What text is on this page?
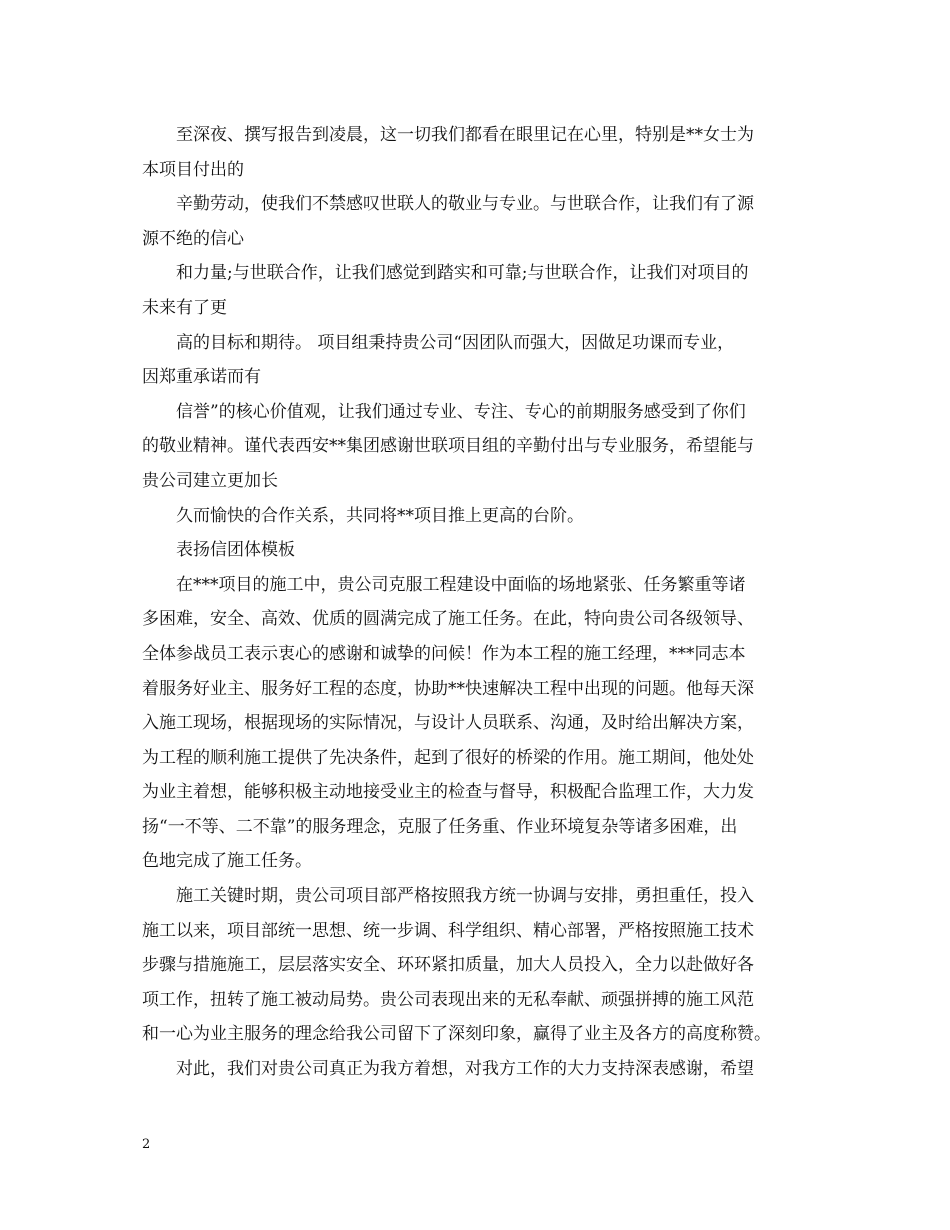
至深夜、撰写报告到凌晨，这一切我们都看在眼里记在心里，特别是**女士为
本项目付出的
辛勤劳动，使我们不禁感叹世联人的敬业与专业。与世联合作，让我们有了源
源不绝的信心
和力量;与世联合作，让我们感觉到踏实和可靠;与世联合作，让我们对项目的
未来有了更
高的目标和期待。 项目组秉持贵公司“因团队而强大，因做足功课而专业，
因郑重承诺而有
信誉”的核心价值观，让我们通过专业、专注、专心的前期服务感受到了你们
的敬业精神。谨代表西安**集团感谢世联项目组的辛勤付出与专业服务，希望能与
贵公司建立更加长
久而愉快的合作关系，共同将**项目推上更高的台阶。
表扬信团体模板
在***项目的施工中，贵公司克服工程建设中面临的场地紧张、任务繁重等诸
多困难，安全、高效、优质的圆满完成了施工任务。在此，特向贵公司各级领导、
全体参战员工表示衷心的感谢和诚挚的问候！作为本工程的施工经理，***同志本
着服务好业主、服务好工程的态度，协助**快速解决工程中出现的问题。他每天深
入施工现场，根据现场的实际情况，与设计人员联系、沟通，及时给出解决方案，
为工程的顺利施工提供了先决条件，起到了很好的桥梁的作用。施工期间，他处处
为业主着想，能够积极主动地接受业主的检查与督导，积极配合监理工作，大力发
扬“一不等、二不靠”的服务理念，克服了任务重、作业环境复杂等诸多困难，出
色地完成了施工任务。
施工关键时期，贵公司项目部严格按照我方统一协调与安排，勇担重任，投入
施工以来，项目部统一思想、统一步调、科学组织、精心部署，严格按照施工技术
步骤与措施施工，层层落实安全、环环紧扣质量，加大人员投入，全力以赴做好各
项工作，扭转了施工被动局势。贵公司表现出来的无私奉献、顽强拼搏的施工风范
和一心为业主服务的理念给我公司留下了深刻印象，赢得了业主及各方的高度称赞。
对此，我们对贵公司真正为我方着想，对我方工作的大力支持深表感谢，希望
2
